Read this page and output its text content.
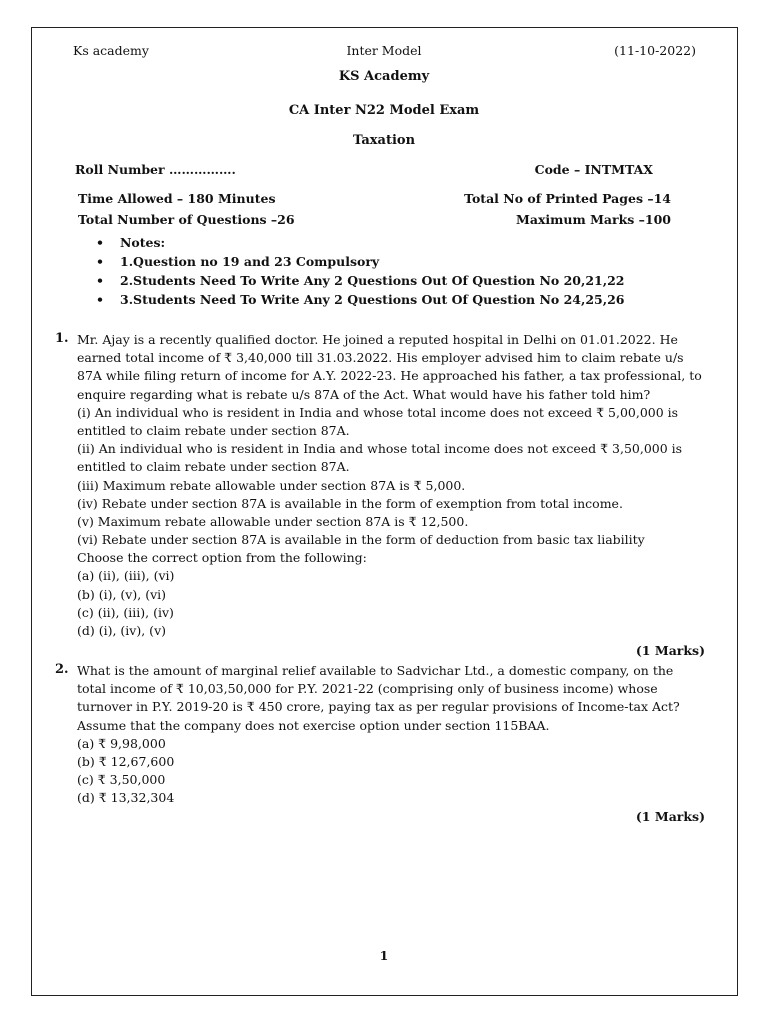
Ks academy	Inter Model	(11-10-2022)
KS Academy
CA Inter N22 Model Exam
Taxation
Roll Number …………….	Code – INTMTAX
Time Allowed – 180 Minutes	Total No of Printed Pages –14
Total Number of Questions –26	Maximum Marks –100
• Notes:
• 1.Question no 19 and 23 Compulsory
• 2.Students Need To Write Any 2 Questions Out Of Question No 20,21,22
• 3.Students Need To Write Any 2 Questions Out Of Question No 24,25,26
1. Mr. Ajay is a recently qualified doctor. He joined a reputed hospital in Delhi on 01.01.2022. He
earned total income of ₹ 3,40,000 till 31.03.2022. His employer advised him to claim rebate u/s
87A while filing return of income for A.Y. 2022-23. He approached his father, a tax professional, to
enquire regarding what is rebate u/s 87A of the Act. What would have his father told him?
(i) An individual who is resident in India and whose total income does not exceed ₹ 5,00,000 is
entitled to claim rebate under section 87A.
(ii) An individual who is resident in India and whose total income does not exceed ₹ 3,50,000 is
entitled to claim rebate under section 87A.
(iii) Maximum rebate allowable under section 87A is ₹ 5,000.
(iv) Rebate under section 87A is available in the form of exemption from total income.
(v) Maximum rebate allowable under section 87A is ₹ 12,500.
(vi) Rebate under section 87A is available in the form of deduction from basic tax liability
Choose the correct option from the following:
(a) (ii), (iii), (vi)
(b) (i), (v), (vi)
(c) (ii), (iii), (iv)
(d) (i), (iv), (v)
(1 Marks)
2. What is the amount of marginal relief available to Sadvichar Ltd., a domestic company, on the
total income of ₹ 10,03,50,000 for P.Y. 2021-22 (comprising only of business income) whose
turnover in P.Y. 2019-20 is ₹ 450 crore, paying tax as per regular provisions of Income-tax Act?
Assume that the company does not exercise option under section 115BAA.
(a) ₹ 9,98,000
(b) ₹ 12,67,600
(c) ₹ 3,50,000
(d) ₹ 13,32,304
(1 Marks)
1
